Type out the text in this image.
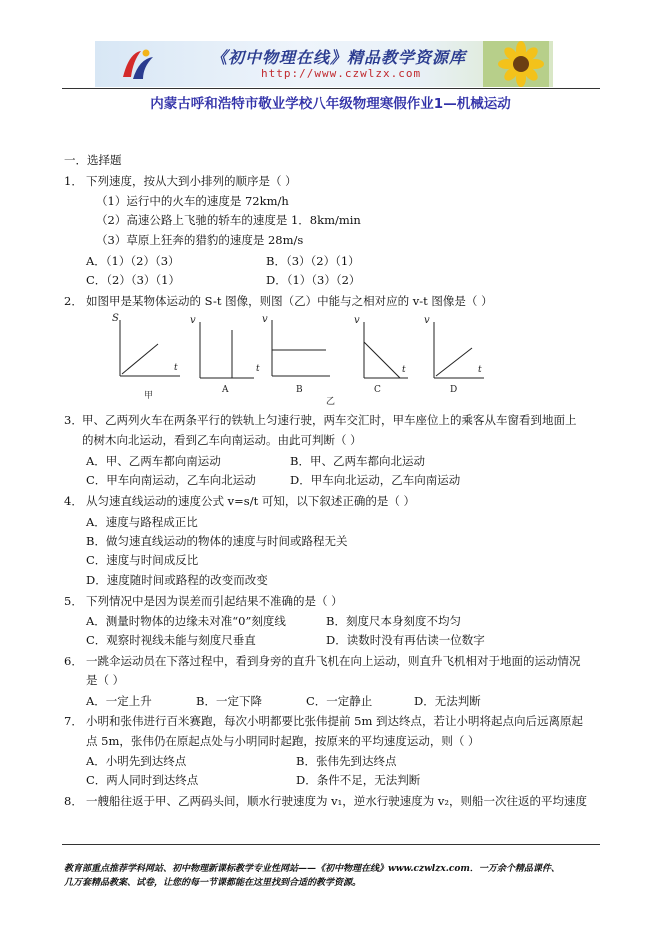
《初中物理在线》精品教学资源库
http://www.czwlzx.com
内蒙古呼和浩特市敬业学校八年级物理寒假作业1—机械运动
一．选择题
1． 下列速度，按从大到小排列的顺序是（ ）
（1）运行中的火车的速度是 72km/h
（2）高速公路上飞驰的轿车的速度是 1．8km/min
（3）草原上狂奔的猎豹的速度是 28m/s
A．（1）（2）（3）	B．（3）（2）（1）
C．（2）（3）（1）	D．（1）（3）（2）
2． 如图甲是某物体运动的 S-t 图像，则图（乙）中能与之相对应的 v-t 图像是（ ）
S
t
甲
v
A
v
t
B
乙
v
t
C
v
t
D
3． 甲、乙两列火车在两条平行的铁轨上匀速行驶，两车交汇时，甲车座位上的乘客从车窗看到地面上
的树木向北运动，看到乙车向南运动。由此可判断（ ）
A．甲、乙两车都向南运动	B．甲、乙两车都向北运动
C．甲车向南运动，乙车向北运动	D．甲车向北运动，乙车向南运动
4． 从匀速直线运动的速度公式 v=s/t 可知，以下叙述正确的是（ ）
A．速度与路程成正比
B．做匀速直线运动的物体的速度与时间或路程无关
C．速度与时间成反比
D．速度随时间或路程的改变而改变
5． 下列情况中是因为误差而引起结果不准确的是（ ）
A．测量时物体的边缘未对准“0”刻度线	B．刻度尺本身刻度不均匀
C．观察时视线未能与刻度尺垂直	D．读数时没有再估读一位数字
6． 一跳伞运动员在下落过程中，看到身旁的直升飞机在向上运动，则直升飞机相对于地面的运动情况
是（ ）
A．一定上升	B．一定下降	C．一定静止	D．无法判断
7． 小明和张伟进行百米赛跑，每次小明都要比张伟提前 5m 到达终点，若让小明将起点向后远离原起
点 5m，张伟仍在原起点处与小明同时起跑，按原来的平均速度运动，则（ ）
A．小明先到达终点	B．张伟先到达终点
C．两人同时到达终点	D．条件不足，无法判断
8． 一艘船往返于甲、乙两码头间，顺水行驶速度为 v₁，逆水行驶速度为 v₂，则船一次往返的平均速度
教育部重点推荐学科网站、初中物理新课标教学专业性网站——《初中物理在线》www.czwlzx.com．一万余个精品课件、
几万套精品教案、试卷，让您的每一节课都能在这里找到合适的教学资源。
